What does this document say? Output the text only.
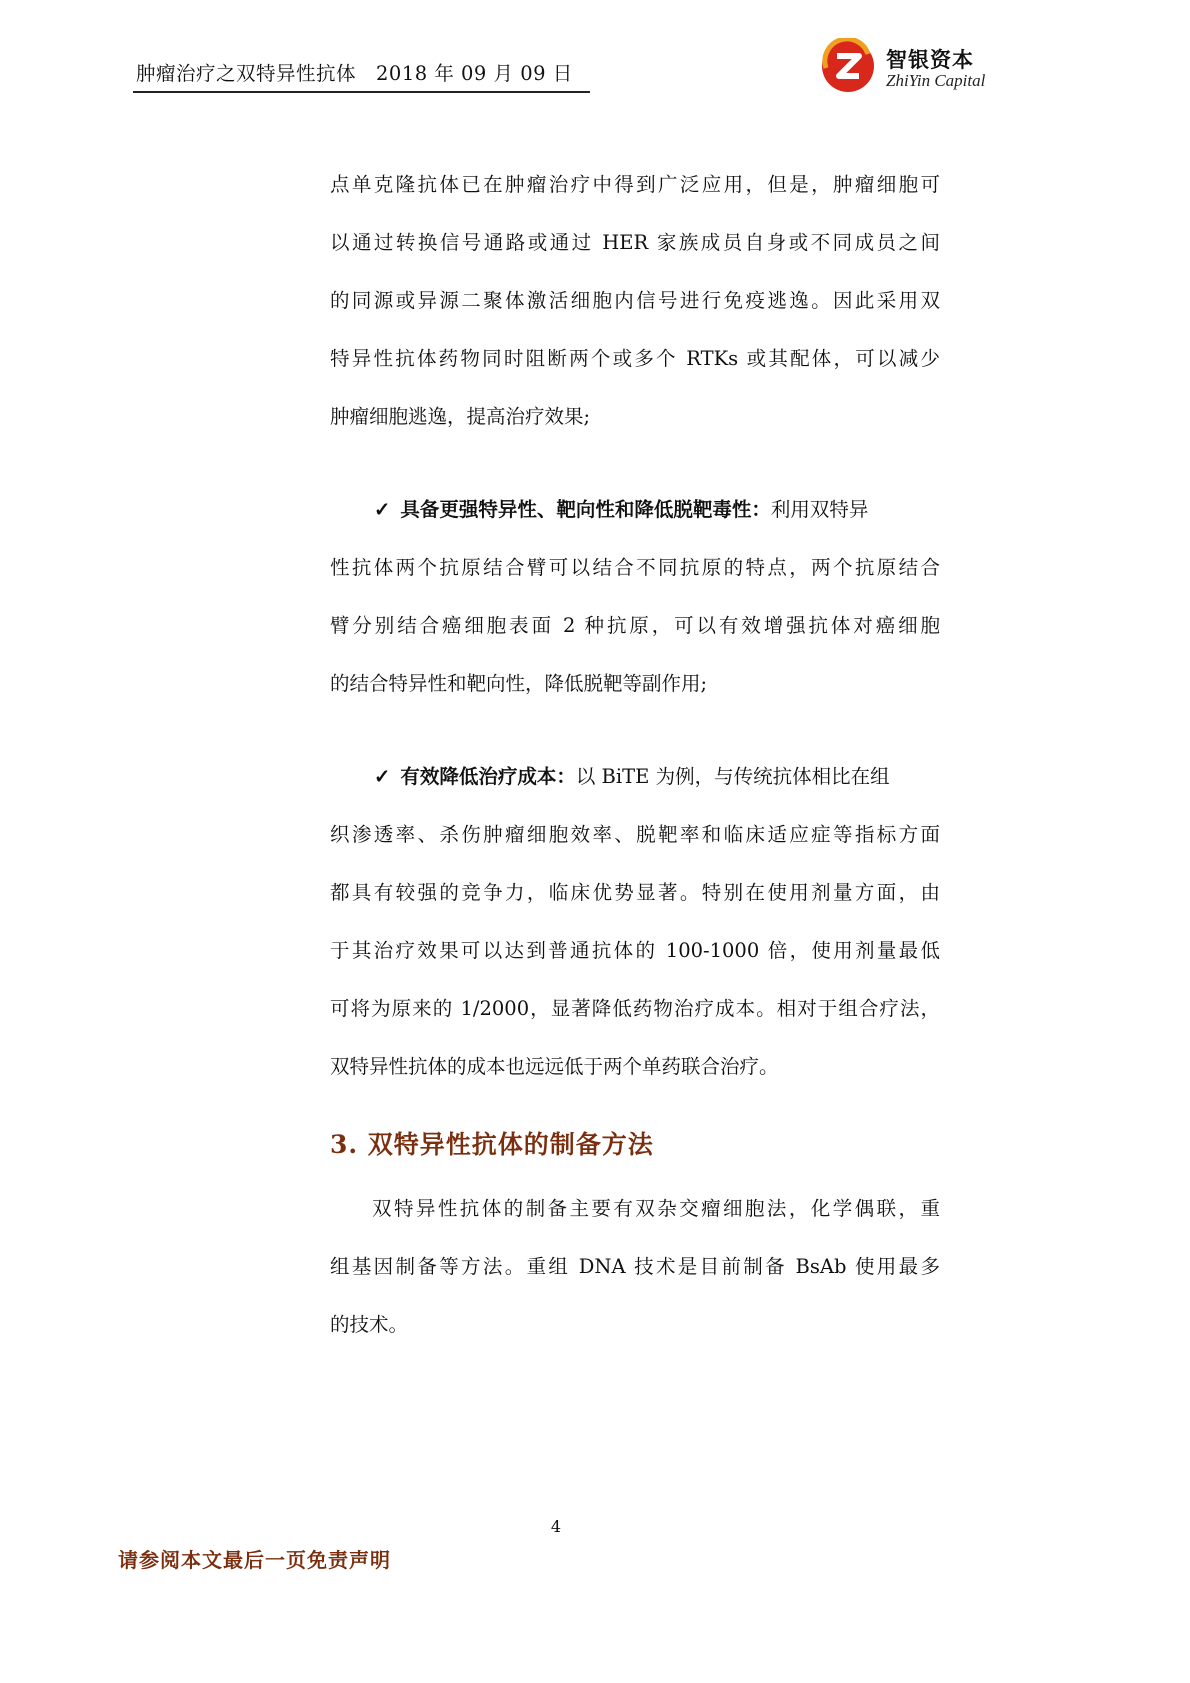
肿瘤治疗之双特异性抗体　2018 年 09 月 09 日
智银资本
ZhiYin Capital
点单克隆抗体已在肿瘤治疗中得到广泛应用，但是，肿瘤细胞可
以通过转换信号通路或通过 HER 家族成员自身或不同成员之间
的同源或异源二聚体激活细胞内信号进行免疫逃逸。因此采用双
特异性抗体药物同时阻断两个或多个 RTKs 或其配体，可以减少
肿瘤细胞逃逸，提高治疗效果;
✓ 具备更强特异性、靶向性和降低脱靶毒性：利用双特异
性抗体两个抗原结合臂可以结合不同抗原的特点，两个抗原结合
臂分别结合癌细胞表面 2 种抗原，可以有效增强抗体对癌细胞
的结合特异性和靶向性，降低脱靶等副作用;
✓ 有效降低治疗成本：以 BiTE 为例，与传统抗体相比在组
织渗透率、杀伤肿瘤细胞效率、脱靶率和临床适应症等指标方面
都具有较强的竞争力，临床优势显著。特别在使用剂量方面，由
于其治疗效果可以达到普通抗体的 100-1000 倍，使用剂量最低
可将为原来的 1/2000，显著降低药物治疗成本。相对于组合疗法，
双特异性抗体的成本也远远低于两个单药联合治疗。
3. 双特异性抗体的制备方法
双特异性抗体的制备主要有双杂交瘤细胞法，化学偶联，重
组基因制备等方法。重组 DNA 技术是目前制备 BsAb 使用最多
的技术。
4
请参阅本文最后一页免责声明
